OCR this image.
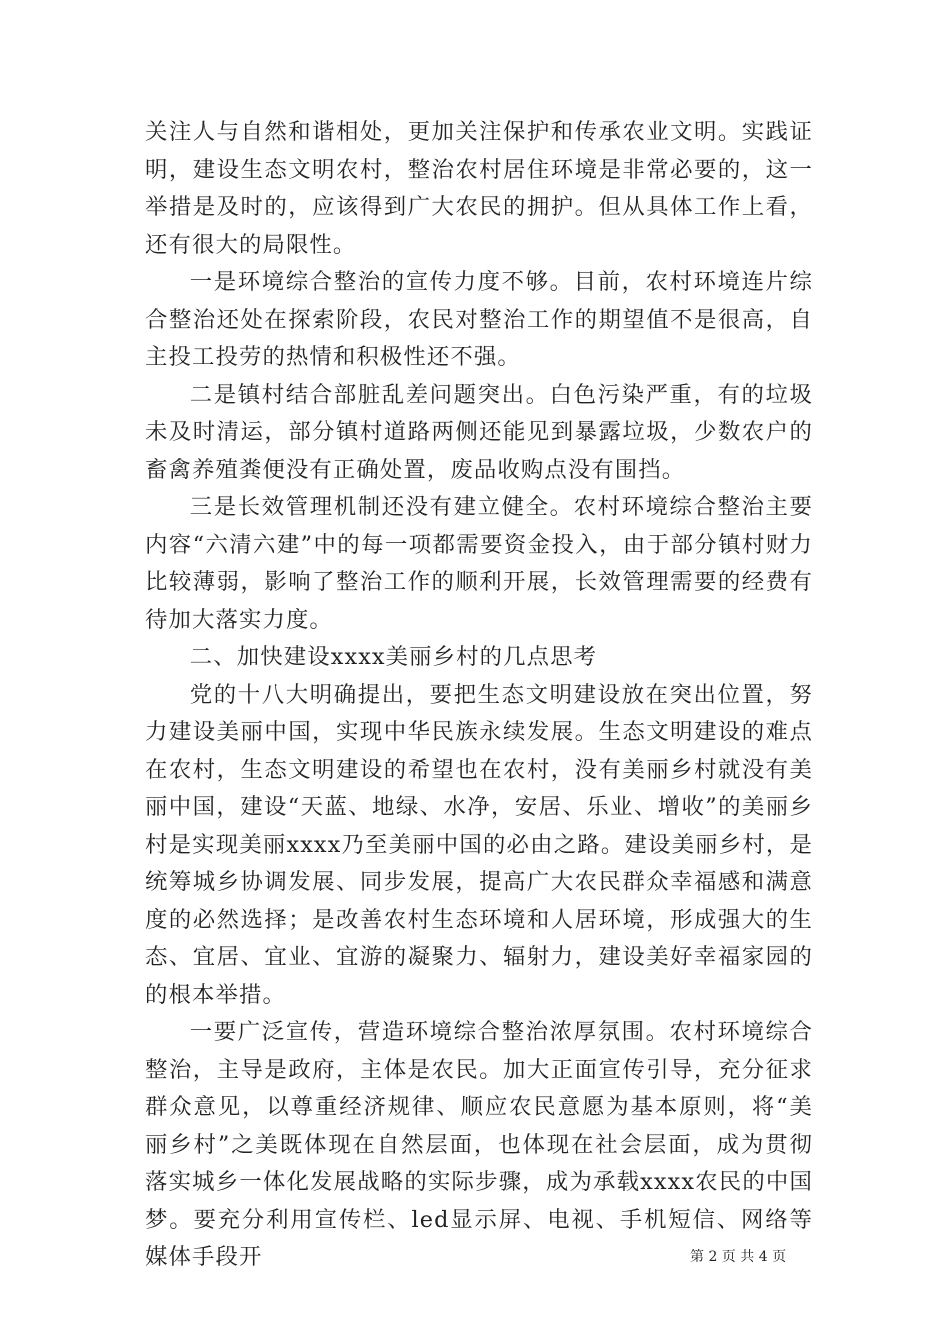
关注人与自然和谐相处，更加关注保护和传承农业文明。实践证明，建设生态文明农村，整治农村居住环境是非常必要的，这一举措是及时的，应该得到广大农民的拥护。但从具体工作上看，还有很大的局限性。

一是环境综合整治的宣传力度不够。目前，农村环境连片综合整治还处在探索阶段，农民对整治工作的期望值不是很高，自主投工投劳的热情和积极性还不强。

二是镇村结合部脏乱差问题突出。白色污染严重，有的垃圾未及时清运，部分镇村道路两侧还能见到暴露垃圾，少数农户的畜禽养殖粪便没有正确处置，废品收购点没有围挡。

三是长效管理机制还没有建立健全。农村环境综合整治主要内容“六清六建”中的每一项都需要资金投入，由于部分镇村财力比较薄弱，影响了整治工作的顺利开展，长效管理需要的经费有待加大落实力度。

二、加快建设xxxx美丽乡村的几点思考

党的十八大明确提出，要把生态文明建设放在突出位置，努力建设美丽中国，实现中华民族永续发展。生态文明建设的难点在农村，生态文明建设的希望也在农村，没有美丽乡村就没有美丽中国，建设“天蓝、地绿、水净，安居、乐业、增收”的美丽乡村是实现美丽xxxx乃至美丽中国的必由之路。建设美丽乡村，是统筹城乡协调发展、同步发展，提高广大农民群众幸福感和满意度的必然选择；是改善农村生态环境和人居环境，形成强大的生态、宜居、宜业、宜游的凝聚力、辐射力，建设美好幸福家园的的根本举措。

一要广泛宣传，营造环境综合整治浓厚氛围。农村环境综合整治，主导是政府，主体是农民。加大正面宣传引导，充分征求群众意见，以尊重经济规律、顺应农民意愿为基本原则，将“美丽乡村”之美既体现在自然层面，也体现在社会层面，成为贯彻落实城乡一体化发展战略的实际步骤，成为承载xxxx农民的中国梦。要充分利用宣传栏、led显示屏、电视、手机短信、网络等媒体手段开	第 2 页 共 4 页
